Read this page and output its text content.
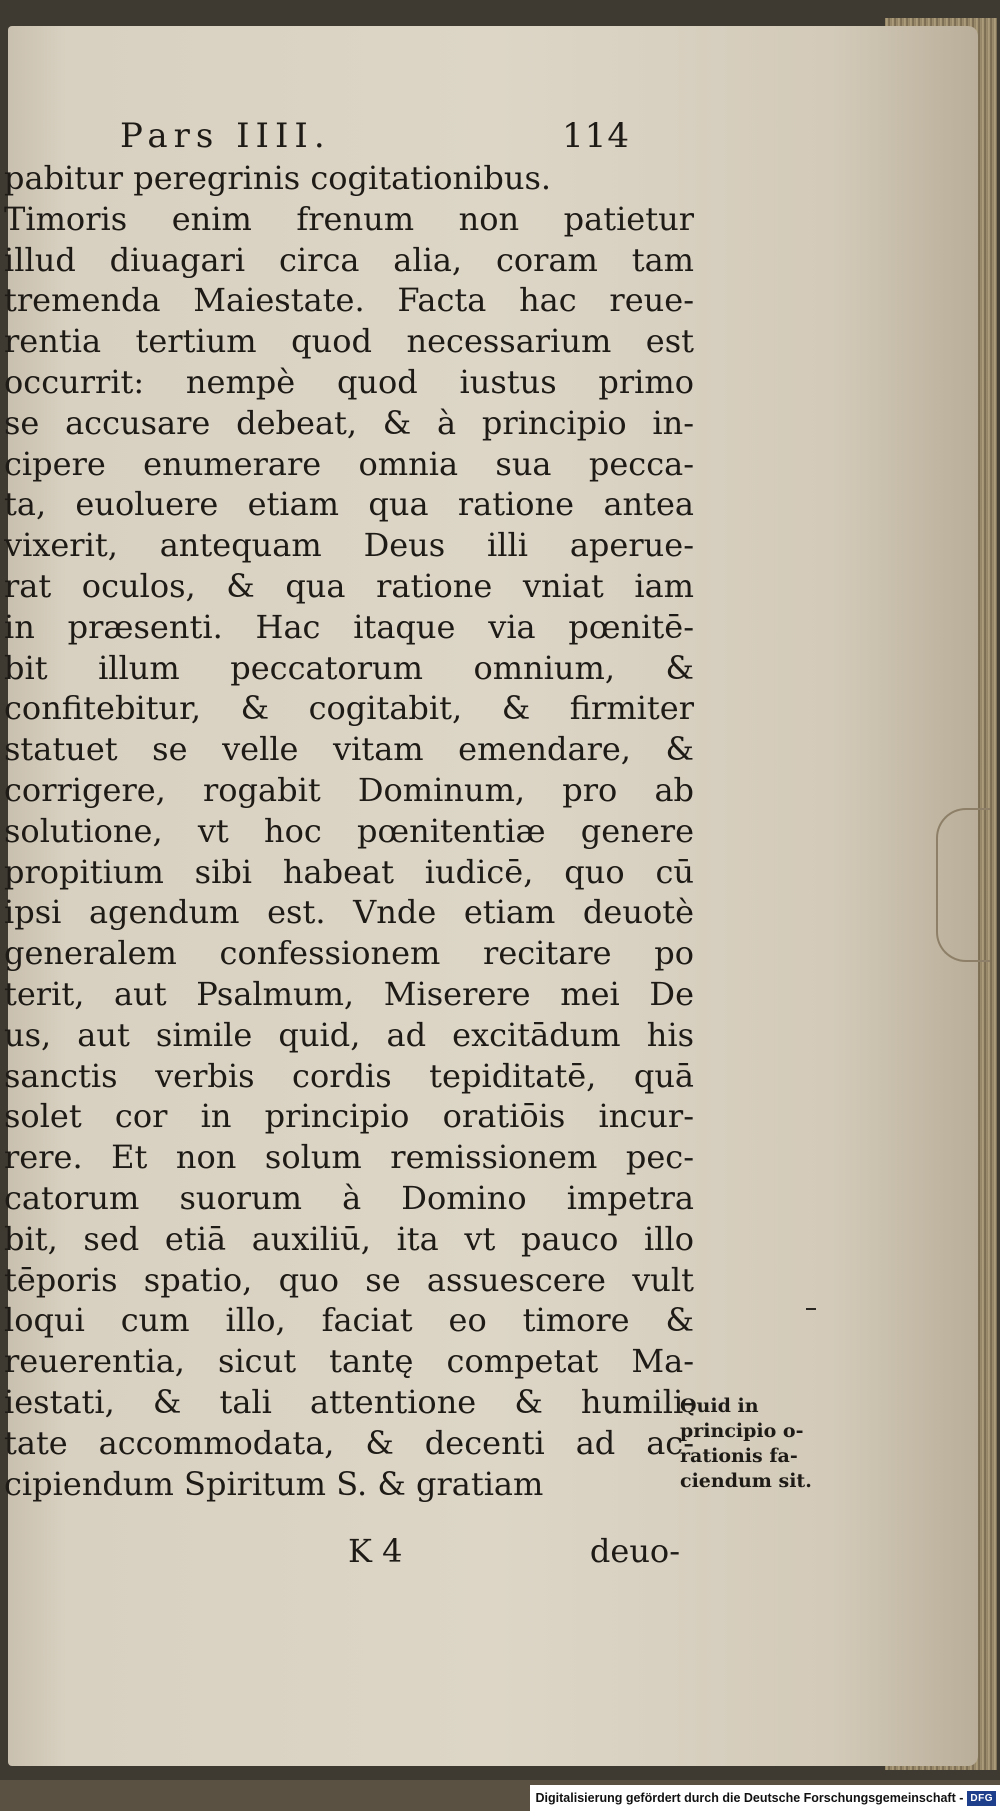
Pars IIII.	114
pabitur peregrinis cogitationibus.
Timoris enim frenum non patietur
illud diuagari circa alia, coram tam
tremenda Maiestate. Facta hac reue-
rentia tertium quod necessarium est
occurrit: nempè quod iustus primo
se accusare debeat, & à principio in-
cipere enumerare omnia sua pecca-
ta, euoluere etiam qua ratione antea
vixerit, antequam Deus illi aperue-
rat oculos, & qua ratione vniat iam
in præsenti. Hac itaque via pœnitē-
bit illum peccatorum omnium, &
confitebitur, & cogitabit, & firmiter
statuet se velle vitam emendare, &
corrigere, rogabit Dominum, pro ab
solutione, vt hoc pœnitentiæ genere
propitium sibi habeat iudicē, quo cū
ipsi agendum est. Vnde etiam deuotè
generalem confessionem recitare po
terit, aut Psalmum, Miserere mei De
us, aut simile quid, ad excitādum his
sanctis verbis cordis tepiditatē, quā
solet cor in principio oratiōis incur-
rere. Et non solum remissionem pec-
catorum suorum à Domino impetra
bit, sed etiā auxiliū, ita vt pauco illo
tēporis spatio, quo se assuescere vult
loqui cum illo, faciat eo timore &
reuerentia, sicut tantę competat Ma-
iestati, & tali attentione & humili-
tate accommodata, & decenti ad ac-
cipiendum Spiritum S. & gratiam
Quid in
principio o-
rationis fa-
ciendum sit.
K 4	deuo-
Digitalisierung gefördert durch die Deutsche Forschungsgemeinschaft - DFG
